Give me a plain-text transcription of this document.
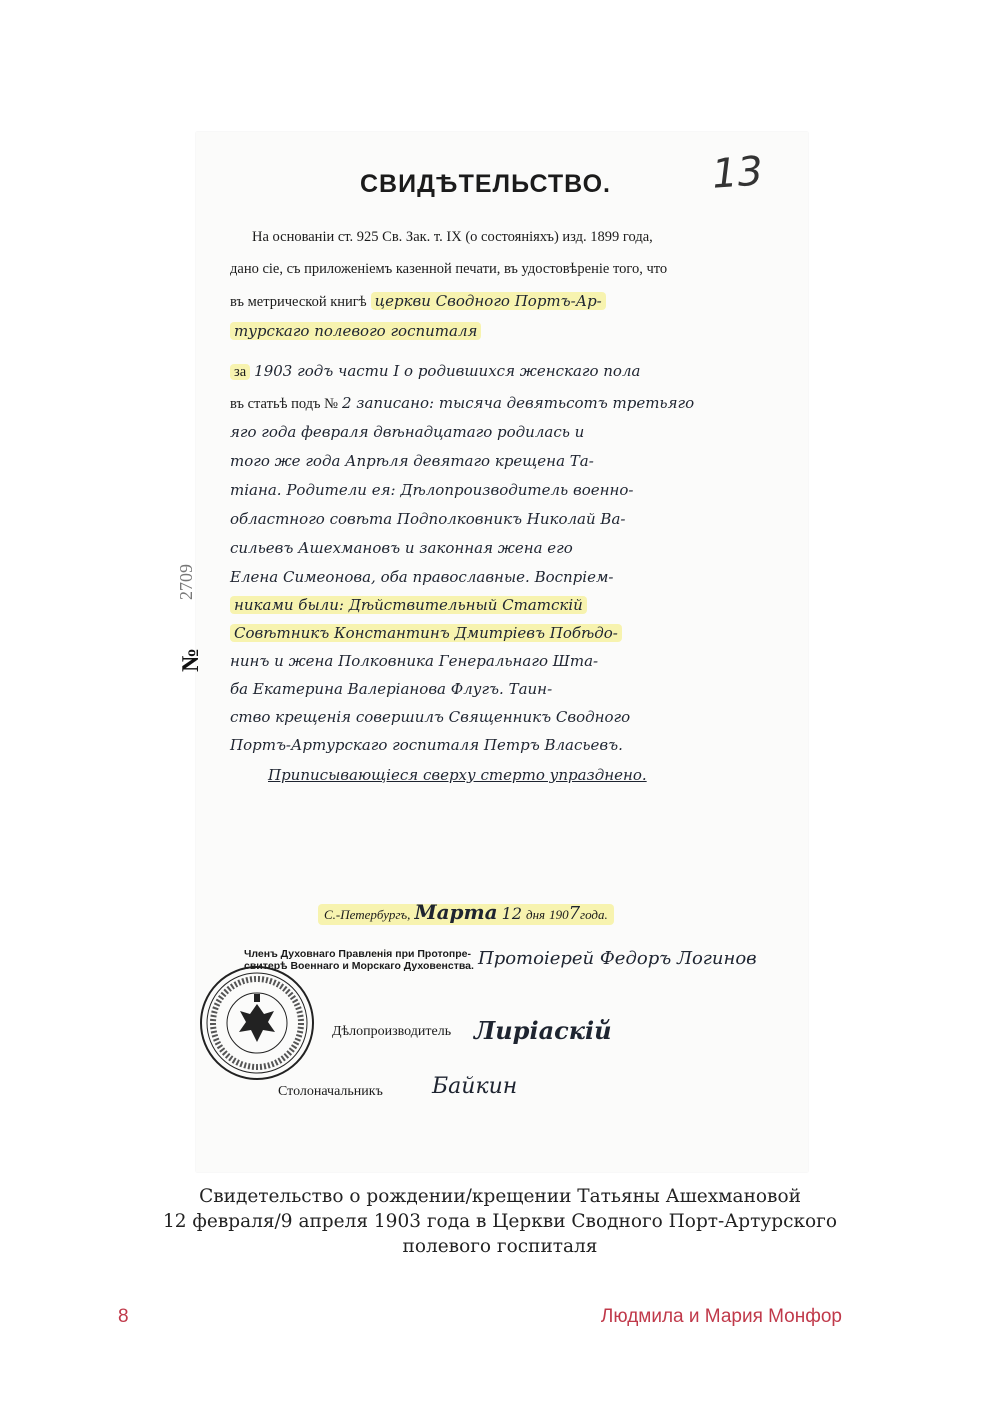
СВИДѢТЕЛЬСТВО. 13
На основанiи ст. 925 Св. Зак. т. IX (о состоянiяхъ) изд. 1899 года,
дано сiе, съ приложенiемъ казенной печати, въ удостовѣренiе того, что
въ метрической книгѣ церкви Сводного Портъ-Ар-
турскаго полевого госпиталя
за 1903 годъ части I о родившихся женскаго пола
въ статьѣ подъ № 2 записано: тысяча девятьсотъ третьяго
яго года февраля двѣнадцатаго родилась и
того же года Апрѣля девятаго крещена Та-
тiана. Родители ея: Дѣлопроизводитель военно-
областного совѣта Подполковникъ Николай Ва-
сильевъ Ашехмановъ и законная жена его
Елена Симеонова, оба православные. Воспрiем-
никами были: Дѣйствительный Статскiй
Совѣтникъ Константинъ Дмитрiевъ Побѣдо-
нинъ и жена Полковника Генеральнаго Шта-
ба Екатерина Валерiанова Флугъ. Таин-
ство крещенiя совершилъ Священникъ Сводного
Портъ-Артурскаго госпиталя Петръ Власьевъ.
Приписывающiеся сверху стерто упразднено.
2709
№
С.-Петербургъ, Марта 12 дня 1907года.
Членъ Духовнаго Правленiя при Протопре-
свитерѣ Военнаго и Морскаго Духовенства. Протоiерей Федоръ Логинов
Дѣлопроизводитель Лиріаскій
Столоначальникъ Байкин
Свидетельство о рождении/крещении Татьяны Ашехмановой
12 февраля/9 апреля 1903 года в Церкви Сводного Порт-Артурского
полевого госпиталя
8	Людмила и Мария Монфор
